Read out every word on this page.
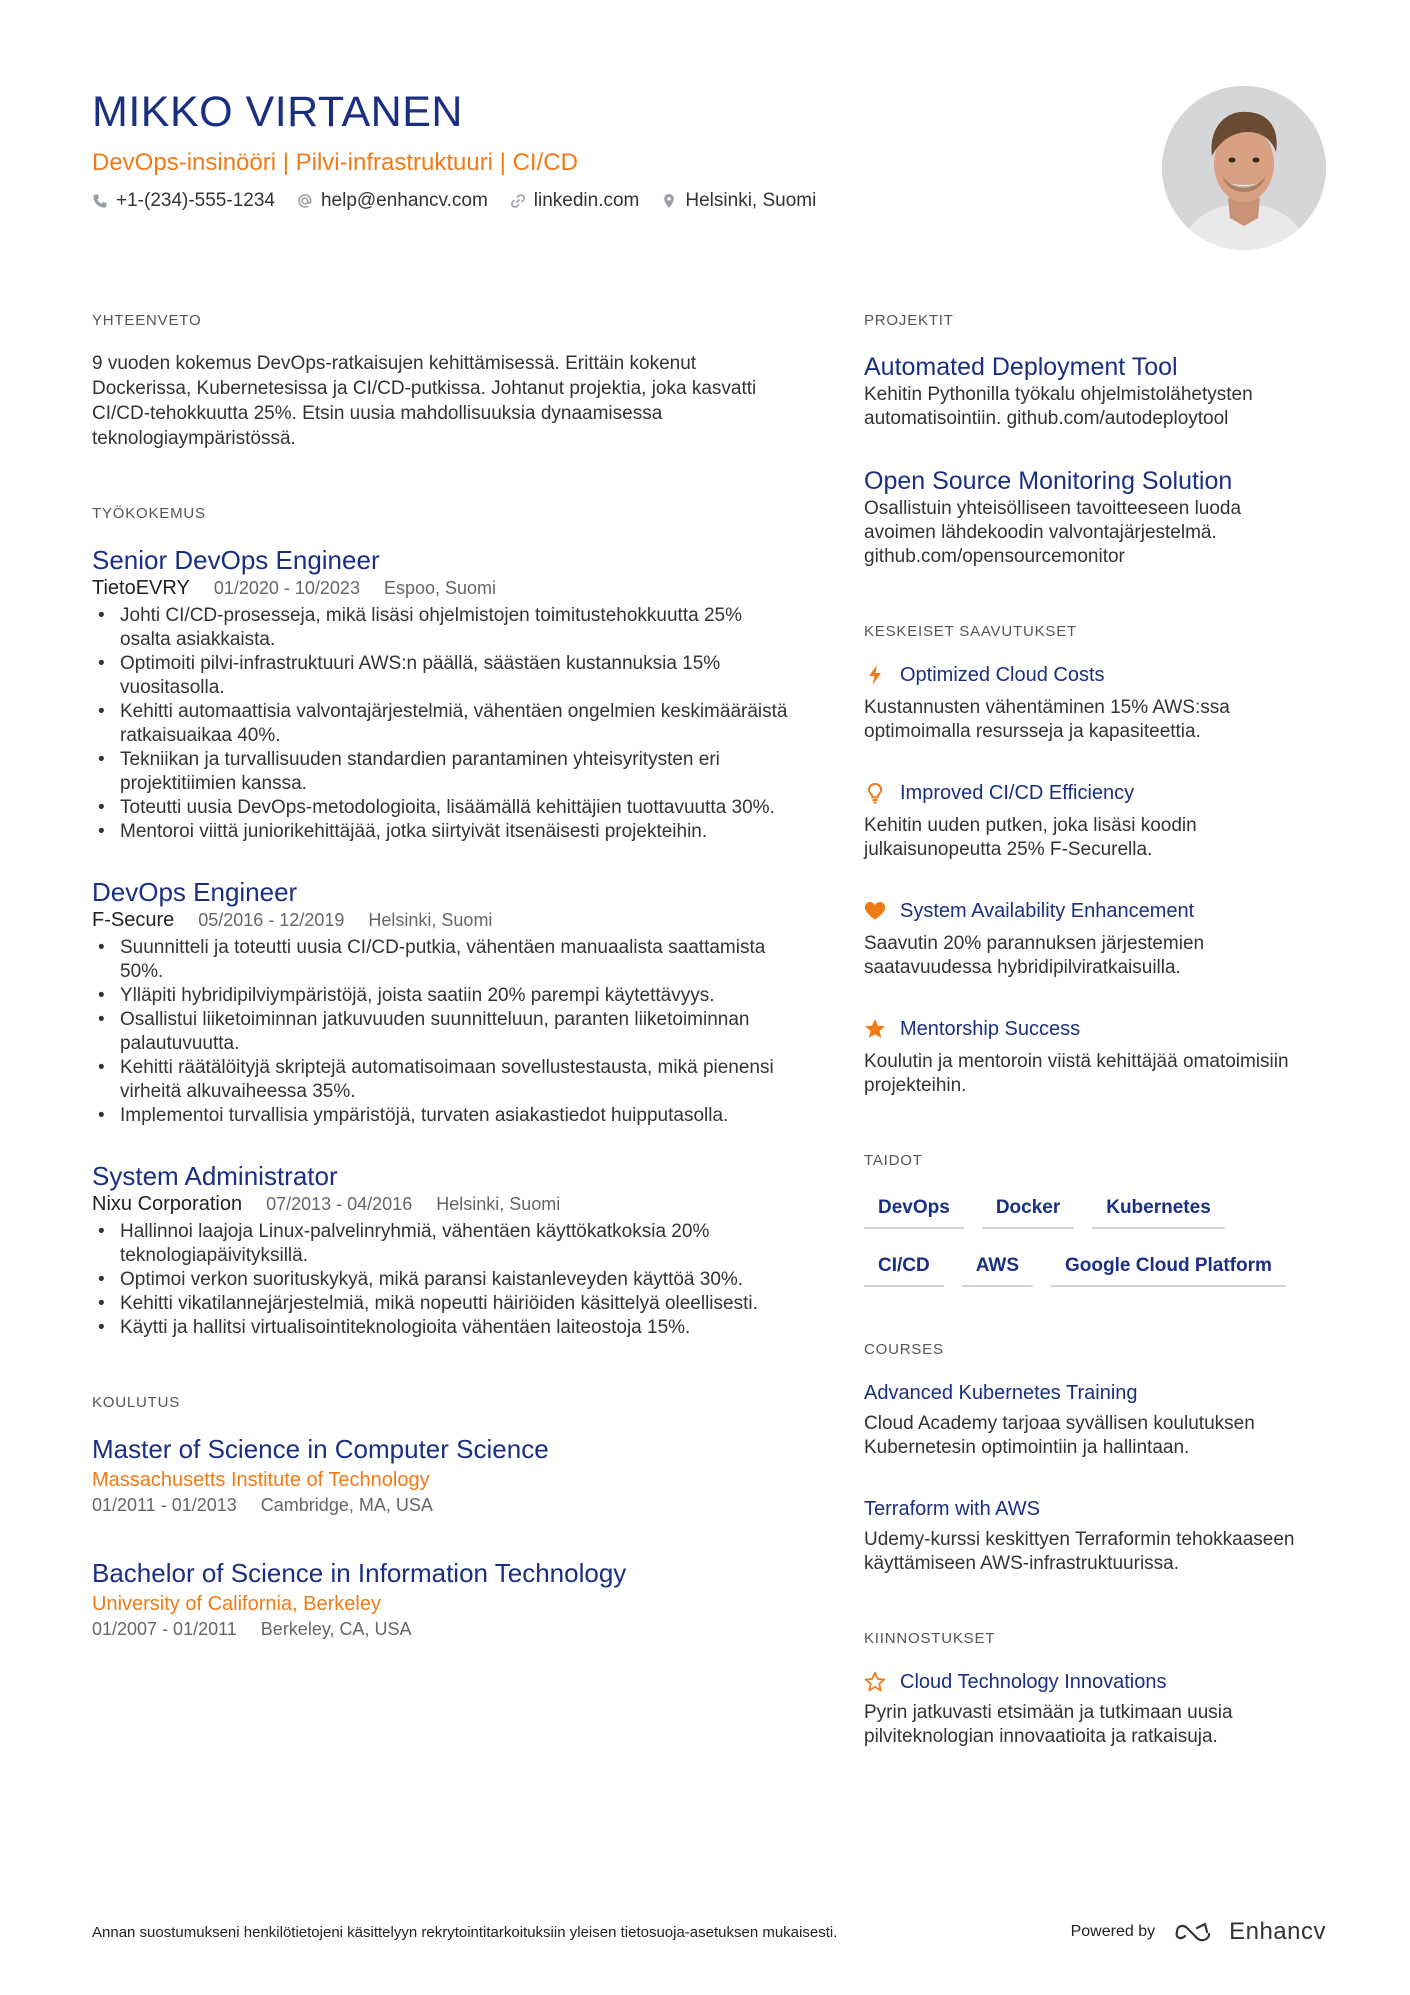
MIKKO VIRTANEN
DevOps-insinööri | Pilvi-infrastruktuuri | CI/CD
+1-(234)-555-1234 help@enhancv.com linkedin.com Helsinki, Suomi
YHTEENVETO
9 vuoden kokemus DevOps-ratkaisujen kehittämisessä. Erittäin kokenut Dockerissa, Kubernetesissa ja CI/CD-putkissa. Johtanut projektia, joka kasvatti CI/CD-tehokkuutta 25%. Etsin uusia mahdollisuuksia dynaamisessa teknologiaympäristössä.
TYÖKOKEMUS
Senior DevOps Engineer
TietoEVRY 01/2020 - 10/2023 Espoo, Suomi
• Johti CI/CD-prosesseja, mikä lisäsi ohjelmistojen toimitustehokkuutta 25% osalta asiakkaista.
• Optimoiti pilvi-infrastruktuuri AWS:n päällä, säästäen kustannuksia 15% vuositasolla.
• Kehitti automaattisia valvontajärjestelmiä, vähentäen ongelmien keskimääräistä ratkaisuaikaa 40%.
• Tekniikan ja turvallisuuden standardien parantaminen yhteisyritysten eri projektitiimien kanssa.
• Toteutti uusia DevOps-metodologioita, lisäämällä kehittäjien tuottavuutta 30%.
• Mentoroi viittä juniorikehittäjää, jotka siirtyivät itsenäisesti projekteihin.
DevOps Engineer
F-Secure 05/2016 - 12/2019 Helsinki, Suomi
• Suunnitteli ja toteutti uusia CI/CD-putkia, vähentäen manuaalista saattamista 50%.
• Ylläpiti hybridipilviympäristöjä, joista saatiin 20% parempi käytettävyys.
• Osallistui liiketoiminnan jatkuvuuden suunnitteluun, paranten liiketoiminnan palautuvuutta.
• Kehitti räätälöityjä skriptejä automatisoimaan sovellustestausta, mikä pienensi virheitä alkuvaiheessa 35%.
• Implementoi turvallisia ympäristöjä, turvaten asiakastiedot huipputasolla.
System Administrator
Nixu Corporation 07/2013 - 04/2016 Helsinki, Suomi
• Hallinnoi laajoja Linux-palvelinryhmiä, vähentäen käyttökatkoksia 20% teknologiapäivityksillä.
• Optimoi verkon suorituskykyä, mikä paransi kaistanleveyden käyttöä 30%.
• Kehitti vikatilannejärjestelmiä, mikä nopeutti häiriöiden käsittelyä oleellisesti.
• Käytti ja hallitsi virtualisointiteknologioita vähentäen laiteostoja 15%.
KOULUTUS
Master of Science in Computer Science
Massachusetts Institute of Technology
01/2011 - 01/2013 Cambridge, MA, USA
Bachelor of Science in Information Technology
University of California, Berkeley
01/2007 - 01/2011 Berkeley, CA, USA
PROJEKTIT
Automated Deployment Tool
Kehitin Pythonilla työkalu ohjelmistolähetysten automatisointiin. github.com/autodeploytool
Open Source Monitoring Solution
Osallistuin yhteisölliseen tavoitteeseen luoda avoimen lähdekoodin valvontajärjestelmä. github.com/opensourcemonitor
KESKEISET SAAVUTUKSET
Optimized Cloud Costs
Kustannusten vähentäminen 15% AWS:ssa optimoimalla resursseja ja kapasiteettia.
Improved CI/CD Efficiency
Kehitin uuden putken, joka lisäsi koodin julkaisunopeutta 25% F-Securella.
System Availability Enhancement
Saavutin 20% parannuksen järjestemien saatavuudessa hybridipilviratkaisuilla.
Mentorship Success
Koulutin ja mentoroin viistä kehittäjää omatoimisiin projekteihin.
TAIDOT
DevOps	Docker	Kubernetes
CI/CD	AWS	Google Cloud Platform
COURSES
Advanced Kubernetes Training
Cloud Academy tarjoaa syvällisen koulutuksen Kubernetesin optimointiin ja hallintaan.
Terraform with AWS
Udemy-kurssi keskittyen Terraformin tehokkaaseen käyttämiseen AWS-infrastruktuurissa.
KIINNOSTUKSET
Cloud Technology Innovations
Pyrin jatkuvasti etsimään ja tutkimaan uusia pilviteknologian innovaatioita ja ratkaisuja.
Annan suostumukseni henkilötietojeni käsittelyyn rekrytointitarkoituksiin yleisen tietosuoja-asetuksen mukaisesti.	Powered by	Enhancv
